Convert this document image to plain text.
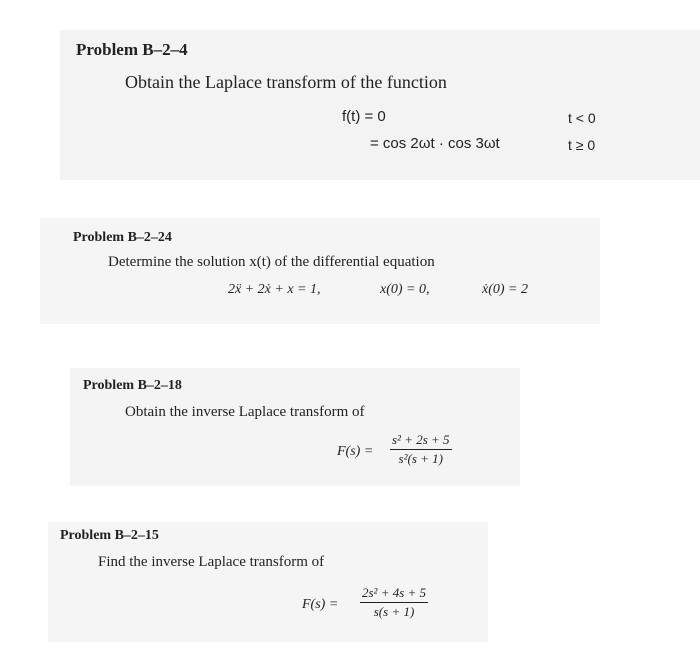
Problem B–2–4
Obtain the Laplace transform of the function
f(t) = 0	t < 0
= cos 2ωt · cos 3ωt	t ≥ 0
Problem B–2–24
Determine the solution x(t) of the differential equation
2ẍ + 2ẋ + x = 1,	x(0) = 0,	ẋ(0) = 2
Problem B–2–18
Obtain the inverse Laplace transform of
F(s) =
s² + 2s + 5
s²(s + 1)
Problem B–2–15
Find the inverse Laplace transform of
F(s) =
2s² + 4s + 5
s(s + 1)
